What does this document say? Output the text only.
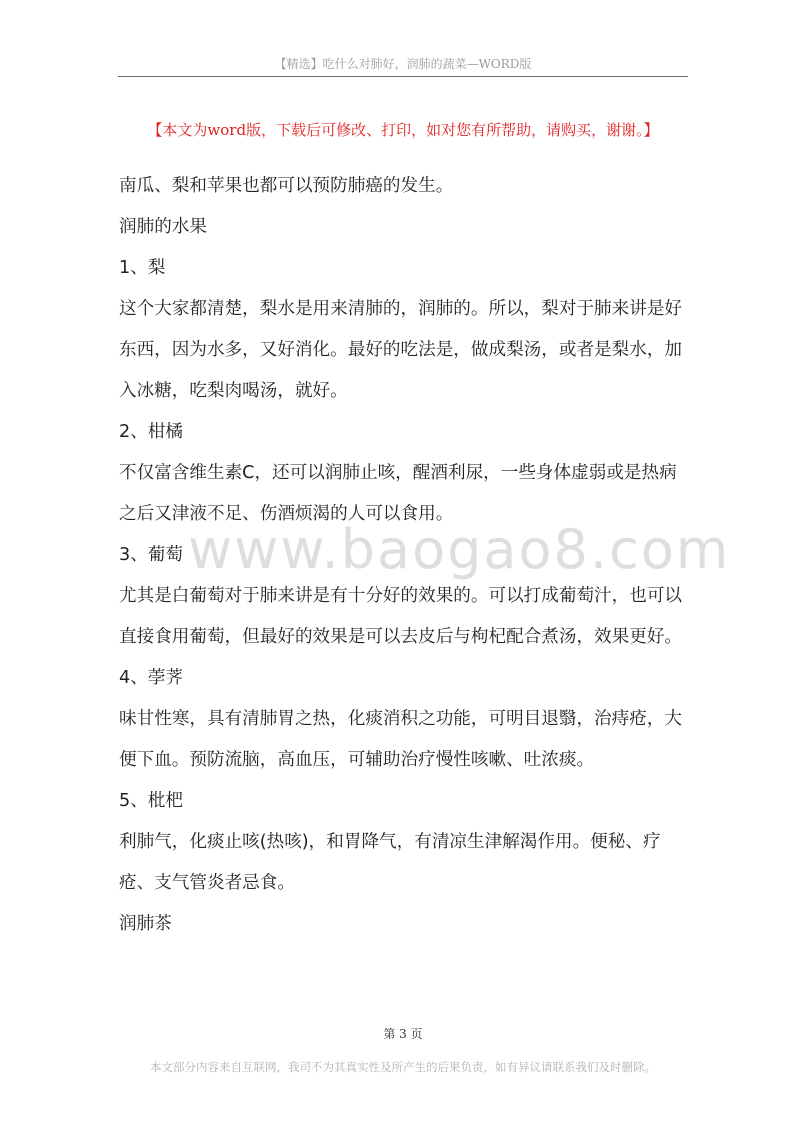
【精选】吃什么对肺好，润肺的蔬菜—WORD版
【本文为word版，下载后可修改、打印，如对您有所帮助，请购买，谢谢。】

南瓜、梨和苹果也都可以预防肺癌的发生。

润肺的水果

1、梨

这个大家都清楚，梨水是用来清肺的，润肺的。所以，梨对于肺来讲是好东西，因为水多，又好消化。最好的吃法是，做成梨汤，或者是梨水，加入冰糖，吃梨肉喝汤，就好。

2、柑橘

不仅富含维生素C，还可以润肺止咳，醒酒利尿，一些身体虚弱或是热病之后又津液不足、伤酒烦渴的人可以食用。

3、葡萄

尤其是白葡萄对于肺来讲是有十分好的效果的。可以打成葡萄汁，也可以直接食用葡萄，但最好的效果是可以去皮后与枸杞配合煮汤，效果更好。

4、荸荠

味甘性寒，具有清肺胃之热，化痰消积之功能，可明目退翳，治痔疮，大便下血。预防流脑，高血压，可辅助治疗慢性咳嗽、吐浓痰。

5、枇杷

利肺气，化痰止咳(热咳)，和胃降气，有清凉生津解渴作用。便秘、疗疮、支气管炎者忌食。

润肺茶

www.baogao8.com
第 3 页
本文部分内容来自互联网，我司不为其真实性及所产生的后果负责，如有异议请联系我们及时删除。
